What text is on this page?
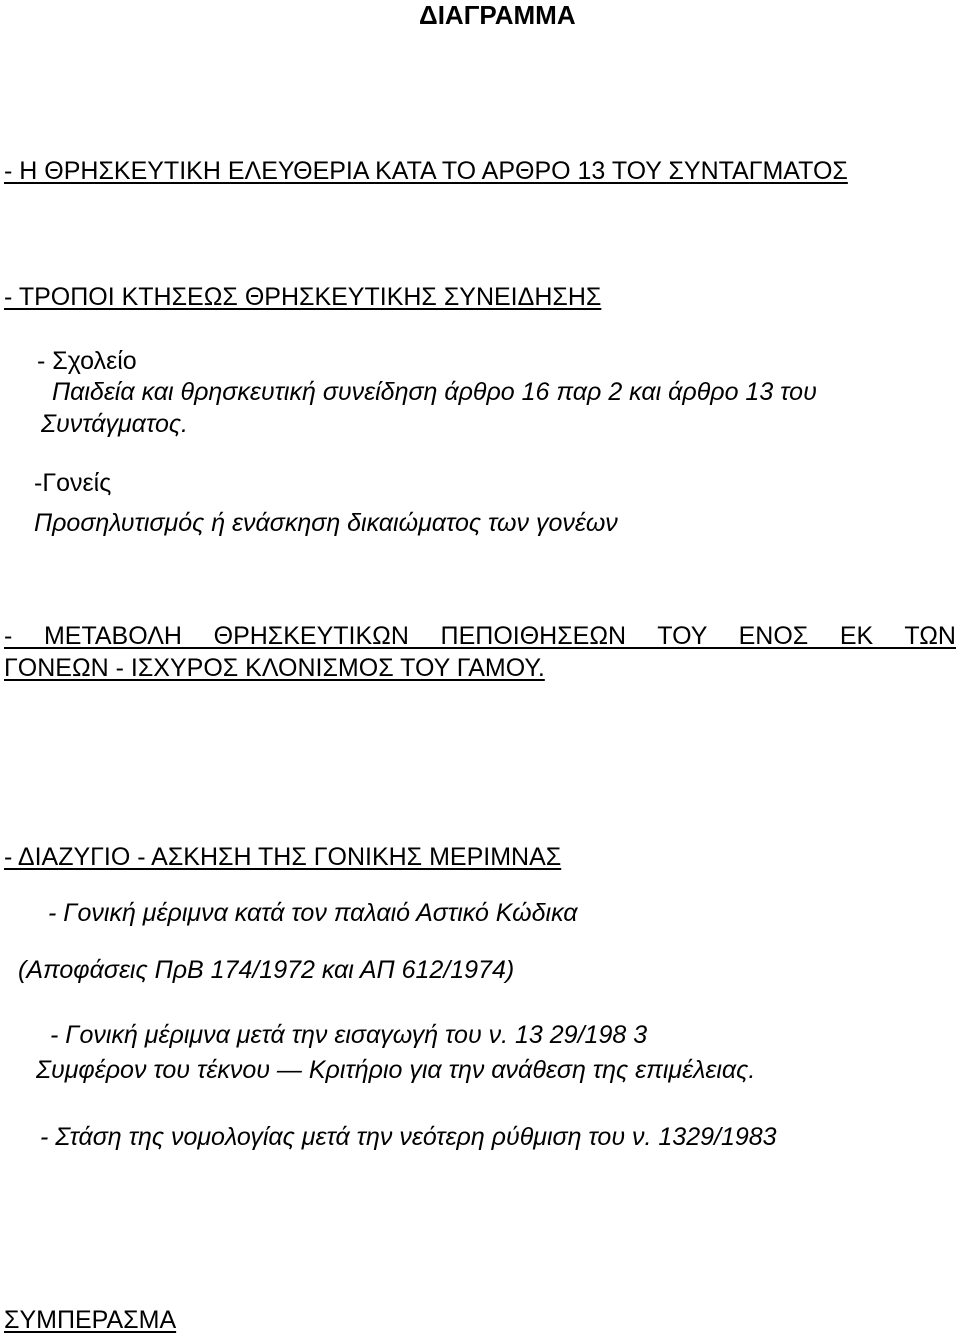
ΔΙΑΓΡΑΜΜΑ
- Η ΘΡΗΣΚΕΥΤΙΚΗ ΕΛΕΥΘΕΡΙΑ ΚΑΤΑ ΤΟ ΑΡΘΡΟ 13 ΤΟΥ ΣΥΝΤΑΓΜΑΤΟΣ
- ΤΡΟΠΟΙ ΚΤΗΣΕΩΣ ΘΡΗΣΚΕΥΤΙΚΗΣ ΣΥΝΕΙΔΗΣΗΣ
- Σχολείο
Παιδεία και θρησκευτική συνείδηση άρθρο 16 παρ 2 και άρθρο 13 του
Συντάγματος.
-Γονείς
Προσηλυτισμός ή ενάσκηση δικαιώματος των γονέων
- ΜΕΤΑΒΟΛΗ ΘΡΗΣΚΕΥΤΙΚΩΝ ΠΕΠΟΙΘΗΣΕΩΝ ΤΟΥ ΕΝΟΣ ΕΚ ΤΩΝ
ΓΟΝΕΩΝ - ΙΣΧΥΡΟΣ ΚΛΟΝΙΣΜΟΣ ΤΟΥ ΓΑΜΟΥ.
- ΔΙΑΖΥΓΙΟ - ΑΣΚΗΣΗ ΤΗΣ ΓΟΝΙΚΗΣ ΜΕΡΙΜΝΑΣ
- Γονική μέριμνα κατά τον παλαιό Αστικό Κώδικα
(Αποφάσεις ΠρΒ 174/1972 και ΑΠ 612/1974)
- Γονική μέριμνα μετά την εισαγωγή του ν. 13 29/198 3
Συμφέρον του τέκνου — Κριτήριο για την ανάθεση της επιμέλειας.
- Στάση της νομολογίας μετά την νεότερη ρύθμιση του ν. 1329/1983
ΣΥΜΠΕΡΑΣΜΑ
